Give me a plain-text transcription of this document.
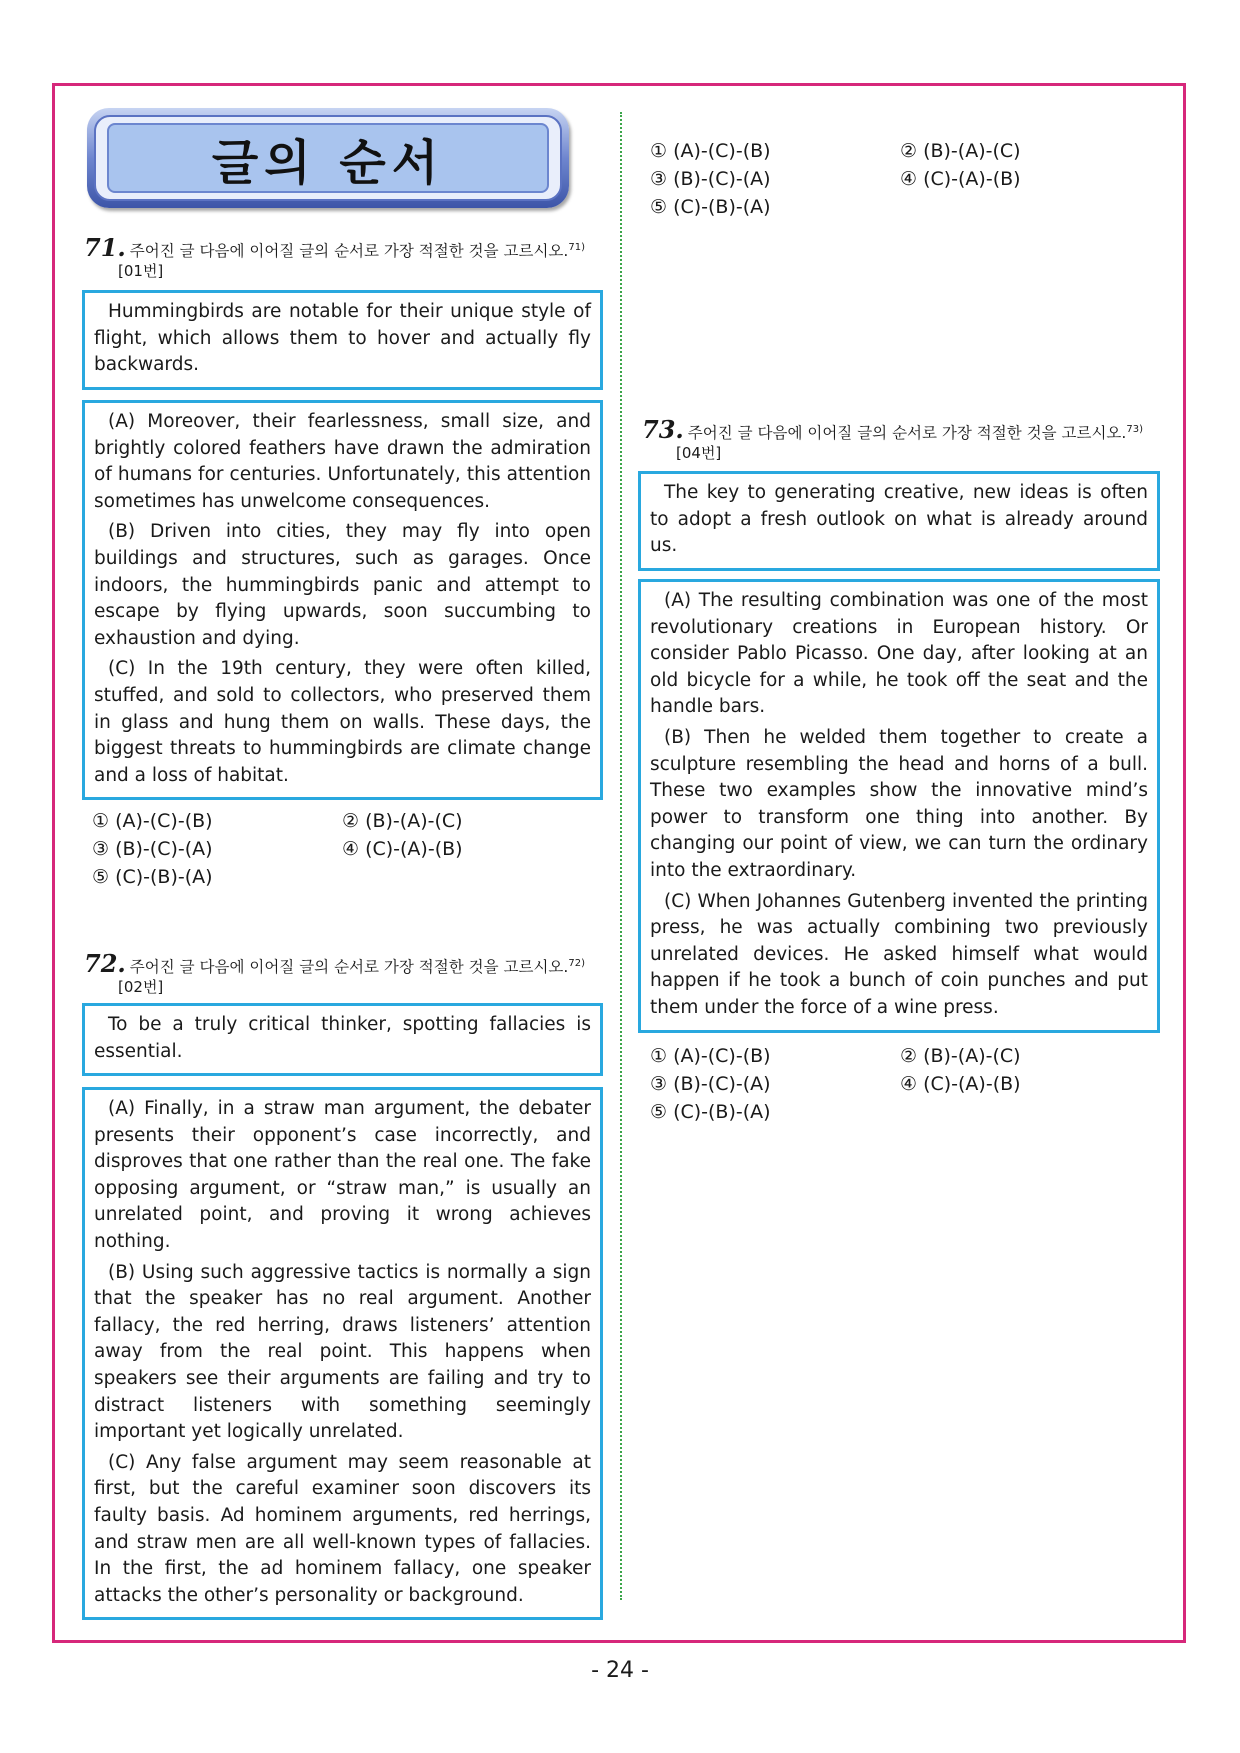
글의 순서
71. 주어진 글 다음에 이어질 글의 순서로 가장 적절한 것을 고르시오.$^{71)}$
[01번]

Hummingbirds are notable for their unique style of flight, which allows them to hover and actually fly backwards.

(A) Moreover, their fearlessness, small size, and brightly colored feathers have drawn the admiration of humans for centuries. Unfortunately, this attention sometimes has unwelcome consequences.

(B) Driven into cities, they may fly into open buildings and structures, such as garages. Once indoors, the hummingbirds panic and attempt to escape by flying upwards, soon succumbing to exhaustion and dying.

(C) In the 19th century, they were often killed, stuffed, and sold to collectors, who preserved them in glass and hung them on walls. These days, the biggest threats to hummingbirds are climate change and a loss of habitat.

① (A)-(C)-(B)	② (B)-(A)-(C)
③ (B)-(C)-(A)	④ (C)-(A)-(B)
⑤ (C)-(B)-(A)
72. 주어진 글 다음에 이어질 글의 순서로 가장 적절한 것을 고르시오.$^{72)}$
[02번]

To be a truly critical thinker, spotting fallacies is essential.

(A) Finally, in a straw man argument, the debater presents their opponent’s case incorrectly, and disproves that one rather than the real one. The fake opposing argument, or “straw man,” is usually an unrelated point, and proving it wrong achieves nothing.

(B) Using such aggressive tactics is normally a sign that the speaker has no real argument. Another fallacy, the red herring, draws listeners’ attention away from the real point. This happens when speakers see their arguments are failing and try to distract listeners with something seemingly important yet logically unrelated.

(C) Any false argument may seem reasonable at first, but the careful examiner soon discovers its faulty basis. Ad hominem arguments, red herrings, and straw men are all well-known types of fallacies. In the first, the ad hominem fallacy, one speaker attacks the other’s personality or background.

① (A)-(C)-(B)	② (B)-(A)-(C)
③ (B)-(C)-(A)	④ (C)-(A)-(B)
⑤ (C)-(B)-(A)
73. 주어진 글 다음에 이어질 글의 순서로 가장 적절한 것을 고르시오.$^{73)}$
[04번]

The key to generating creative, new ideas is often to adopt a fresh outlook on what is already around us.

(A) The resulting combination was one of the most revolutionary creations in European history. Or consider Pablo Picasso. One day, after looking at an old bicycle for a while, he took off the seat and the handle bars.

(B) Then he welded them together to create a sculpture resembling the head and horns of a bull. These two examples show the innovative mind’s power to transform one thing into another. By changing our point of view, we can turn the ordinary into the extraordinary.

(C) When Johannes Gutenberg invented the printing press, he was actually combining two previously unrelated devices. He asked himself what would happen if he took a bunch of coin punches and put them under the force of a wine press.

① (A)-(C)-(B)	② (B)-(A)-(C)
③ (B)-(C)-(A)	④ (C)-(A)-(B)
⑤ (C)-(B)-(A)
- 24 -
